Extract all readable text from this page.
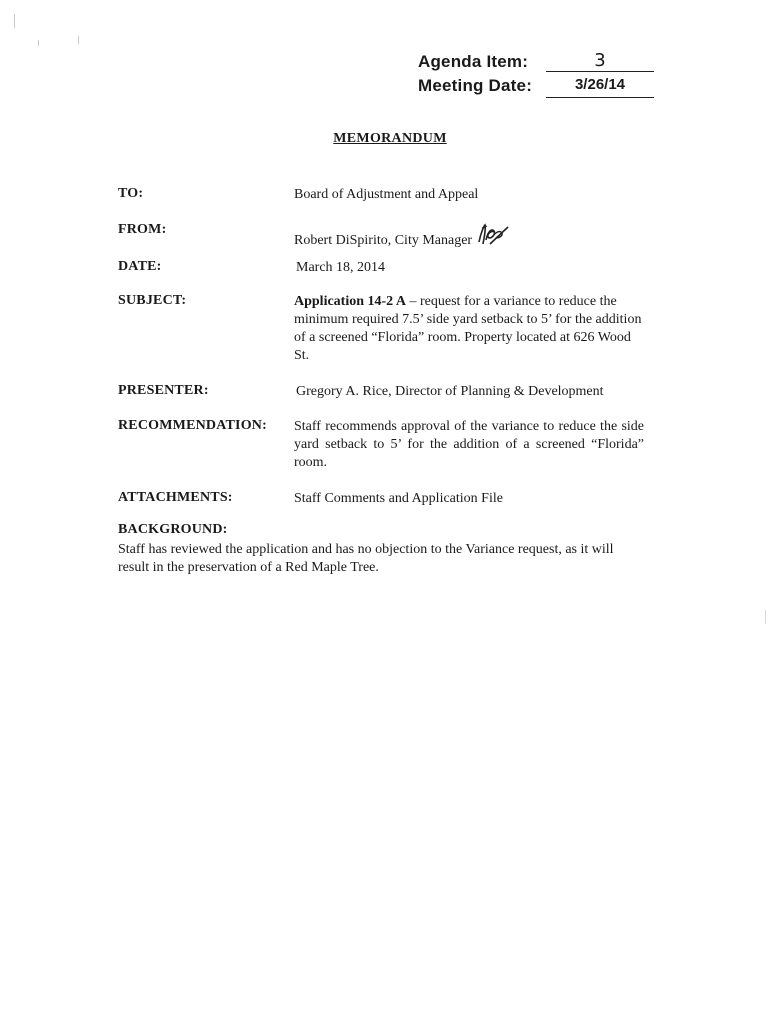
Agenda Item:	3
Meeting Date:	3/26/14
MEMORANDUM
TO:	Board of Adjustment and Appeal
FROM:
Robert DiSpirito, City Manager
DATE:	March 18, 2014
SUBJECT:	Application 14-2 A – request for a variance to reduce the minimum required 7.5’ side yard setback to 5’ for the addition of a screened “Florida” room. Property located at 626 Wood St.
PRESENTER:	Gregory A. Rice, Director of Planning & Development
RECOMMENDATION: Staff recommends approval of the variance to reduce the side yard setback to 5’ for the addition of a screened “Florida” room.
ATTACHMENTS:	Staff Comments and Application File
BACKGROUND:
Staff has reviewed the application and has no objection to the Variance request, as it will result in the preservation of a Red Maple Tree.
